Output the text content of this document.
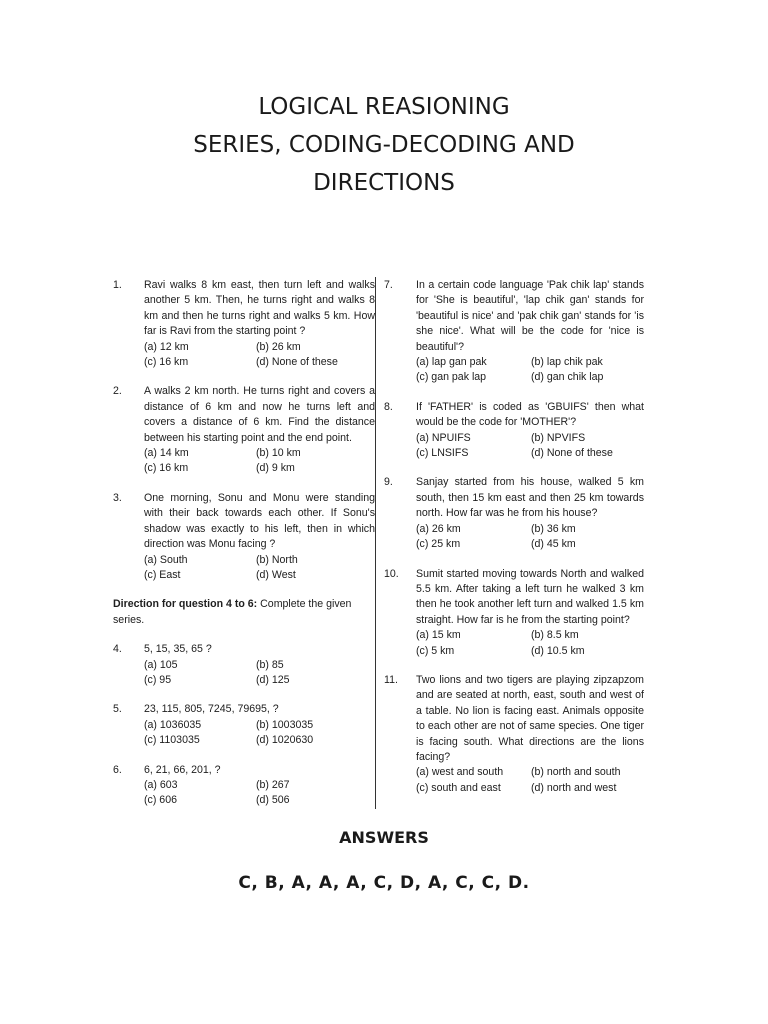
LOGICAL REASIONING
SERIES, CODING-DECODING AND
DIRECTIONS
1. Ravi walks 8 km east, then turn left and walks another 5 km. Then, he turns right and walks 8 km and then he turns right and walks 5 km. How far is Ravi from the starting point ?
(a) 12 km	(b) 26 km
(c) 16 km	(d) None of these
2. A walks 2 km north. He turns right and covers a distance of 6 km and now he turns left and covers a distance of 6 km. Find the distance between his starting point and the end point.
(a) 14 km	(b) 10 km
(c) 16 km	(d) 9 km
3. One morning, Sonu and Monu were standing with their back towards each other. If Sonu's shadow was exactly to his left, then in which direction was Monu facing ?
(a) South	(b) North
(c) East	(d) West
Direction for question 4 to 6: Complete the given series.
4. 5, 15, 35, 65 ?
(a) 105	(b) 85
(c) 95	(d) 125
5. 23, 115, 805, 7245, 79695, ?
(a) 1036035	(b) 1003035
(c) 1103035	(d) 1020630
6. 6, 21, 66, 201, ?
(a) 603	(b) 267
(c) 606	(d) 506
7. In a certain code language 'Pak chik lap' stands for 'She is beautiful', 'lap chik gan' stands for 'beautiful is nice' and 'pak chik gan' stands for 'is she nice'. What will be the code for 'nice is beautiful'?
(a) lap gan pak	(b) lap chik pak
(c) gan pak lap	(d) gan chik lap
8. If 'FATHER' is coded as 'GBUIFS' then what would be the code for 'MOTHER'?
(a) NPUIFS	(b) NPVIFS
(c) LNSIFS	(d) None of these
9. Sanjay started from his house, walked 5 km south, then 15 km east and then 25 km towards north. How far was he from his house?
(a) 26 km	(b) 36 km
(c) 25 km	(d) 45 km
10. Sumit started moving towards North and walked 5.5 km. After taking a left turn he walked 3 km then he took another left turn and walked 1.5 km straight. How far is he from the starting point?
(a) 15 km	(b) 8.5 km
(c) 5 km	(d) 10.5 km
11. Two lions and two tigers are playing zipzapzom and are seated at north, east, south and west of a table. No lion is facing east. Animals opposite to each other are not of same species. One tiger is facing south. What directions are the lions facing?
(a) west and south	(b) north and south
(c) south and east	(d) north and west
ANSWERS
C, B, A, A, A, C, D, A, C, C, D.
